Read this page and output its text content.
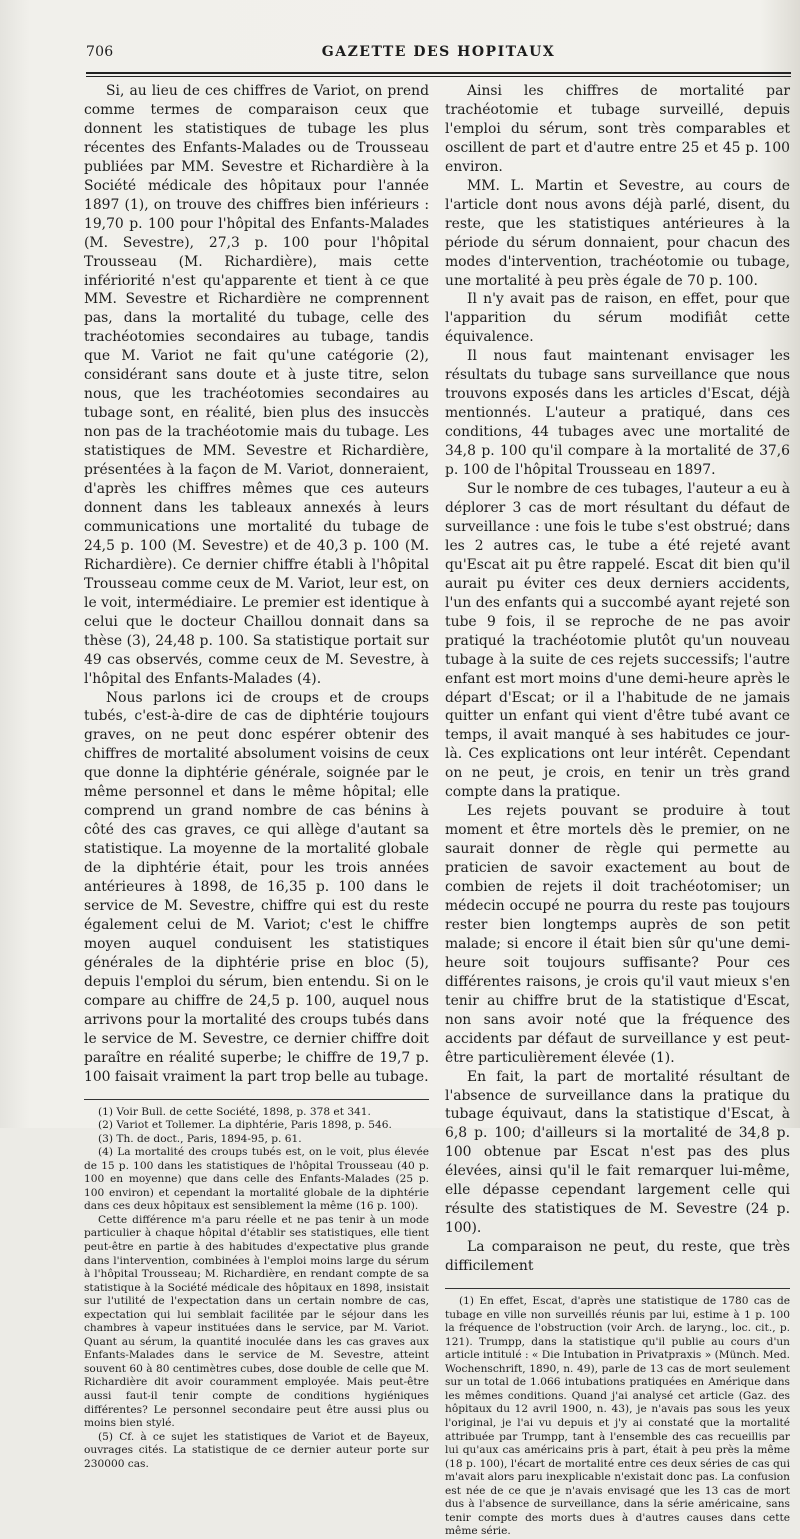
706	GAZETTE DES HOPITAUX

Si, au lieu de ces chiffres de Variot, on prend comme termes de comparaison ceux que donnent les statistiques de tubage les plus récentes des Enfants-Malades ou de Trousseau publiées par MM. Sevestre et Richardière à la Société médicale des hôpitaux pour l'année 1897 (1), on trouve des chiffres bien inférieurs : 19,70 p. 100 pour l'hôpital des Enfants-Malades (M. Sevestre), 27,3 p. 100 pour l'hôpital Trousseau (M. Richardière), mais cette infériorité n'est qu'apparente et tient à ce que MM. Sevestre et Richardière ne comprennent pas, dans la mortalité du tubage, celle des trachéotomies secondaires au tubage, tandis que M. Variot ne fait qu'une catégorie (2), considérant sans doute et à juste titre, selon nous, que les trachéotomies secondaires au tubage sont, en réalité, bien plus des insuccès non pas de la trachéotomie mais du tubage. Les statistiques de MM. Sevestre et Richardière, présentées à la façon de M. Variot, donneraient, d'après les chiffres mêmes que ces auteurs donnent dans les tableaux annexés à leurs communications une mortalité du tubage de 24,5 p. 100 (M. Sevestre) et de 40,3 p. 100 (M. Richardière). Ce dernier chiffre établi à l'hôpital Trousseau comme ceux de M. Variot, leur est, on le voit, intermédiaire. Le premier est identique à celui que le docteur Chaillou donnait dans sa thèse (3), 24,48 p. 100. Sa statistique portait sur 49 cas observés, comme ceux de M. Sevestre, à l'hôpital des Enfants-Malades (4).

Nous parlons ici de croups et de croups tubés, c'est-à-dire de cas de diphtérie toujours graves, on ne peut donc espérer obtenir des chiffres de mortalité absolument voisins de ceux que donne la diphtérie générale, soignée par le même personnel et dans le même hôpital; elle comprend un grand nombre de cas bénins à côté des cas graves, ce qui allège d'autant sa statistique. La moyenne de la mortalité globale de la diphtérie était, pour les trois années antérieures à 1898, de 16,35 p. 100 dans le service de M. Sevestre, chiffre qui est du reste également celui de M. Variot; c'est le chiffre moyen auquel conduisent les statistiques générales de la diphtérie prise en bloc (5), depuis l'emploi du sérum, bien entendu. Si on le compare au chiffre de 24,5 p. 100, auquel nous arrivons pour la mortalité des croups tubés dans le service de M. Sevestre, ce dernier chiffre doit paraître en réalité superbe; le chiffre de 19,7 p. 100 faisait vraiment la part trop belle au tubage.

(1) Voir Bull. de cette Société, 1898, p. 378 et 341.

(2) Variot et Tollemer. La diphtérie, Paris 1898, p. 546.

(3) Th. de doct., Paris, 1894-95, p. 61.

(4) La mortalité des croups tubés est, on le voit, plus élevée de 15 p. 100 dans les statistiques de l'hôpital Trousseau (40 p. 100 en moyenne) que dans celle des Enfants-Malades (25 p. 100 environ) et cependant la mortalité globale de la diphtérie dans ces deux hôpitaux est sensiblement la même (16 p. 100).

Cette différence m'a paru réelle et ne pas tenir à un mode particulier à chaque hôpital d'établir ses statistiques, elle tient peut-être en partie à des habitudes d'expectative plus grande dans l'intervention, combinées à l'emploi moins large du sérum à l'hôpital Trousseau; M. Richardière, en rendant compte de sa statistique à la Société médicale des hôpitaux en 1898, insistait sur l'utilité de l'expectation dans un certain nombre de cas, expectation qui lui semblait facilitée par le séjour dans les chambres à vapeur instituées dans le service, par M. Variot. Quant au sérum, la quantité inoculée dans les cas graves aux Enfants-Malades dans le service de M. Sevestre, atteint souvent 60 à 80 centimètres cubes, dose double de celle que M. Richardière dit avoir couramment employée. Mais peut-être aussi faut-il tenir compte de conditions hygiéniques différentes? Le personnel secondaire peut être aussi plus ou moins bien stylé.

(5) Cf. à ce sujet les statistiques de Variot et de Bayeux, ouvrages cités. La statistique de ce dernier auteur porte sur 230000 cas.

Ainsi les chiffres de mortalité par trachéotomie et tubage surveillé, depuis l'emploi du sérum, sont très comparables et oscillent de part et d'autre entre 25 et 45 p. 100 environ.

MM. L. Martin et Sevestre, au cours de l'article dont nous avons déjà parlé, disent, du reste, que les statistiques antérieures à la période du sérum donnaient, pour chacun des modes d'intervention, trachéotomie ou tubage, une mortalité à peu près égale de 70 p. 100.

Il n'y avait pas de raison, en effet, pour que l'apparition du sérum modifiât cette équivalence.

Il nous faut maintenant envisager les résultats du tubage sans surveillance que nous trouvons exposés dans les articles d'Escat, déjà mentionnés. L'auteur a pratiqué, dans ces conditions, 44 tubages avec une mortalité de 34,8 p. 100 qu'il compare à la mortalité de 37,6 p. 100 de l'hôpital Trousseau en 1897.

Sur le nombre de ces tubages, l'auteur a eu à déplorer 3 cas de mort résultant du défaut de surveillance : une fois le tube s'est obstrué; dans les 2 autres cas, le tube a été rejeté avant qu'Escat ait pu être rappelé. Escat dit bien qu'il aurait pu éviter ces deux derniers accidents, l'un des enfants qui a succombé ayant rejeté son tube 9 fois, il se reproche de ne pas avoir pratiqué la trachéotomie plutôt qu'un nouveau tubage à la suite de ces rejets successifs; l'autre enfant est mort moins d'une demi-heure après le départ d'Escat; or il a l'habitude de ne jamais quitter un enfant qui vient d'être tubé avant ce temps, il avait manqué à ses habitudes ce jour-là. Ces explications ont leur intérêt. Cependant on ne peut, je crois, en tenir un très grand compte dans la pratique.

Les rejets pouvant se produire à tout moment et être mortels dès le premier, on ne saurait donner de règle qui permette au praticien de savoir exactement au bout de combien de rejets il doit trachéotomiser; un médecin occupé ne pourra du reste pas toujours rester bien longtemps auprès de son petit malade; si encore il était bien sûr qu'une demi-heure soit toujours suffisante? Pour ces différentes raisons, je crois qu'il vaut mieux s'en tenir au chiffre brut de la statistique d'Escat, non sans avoir noté que la fréquence des accidents par défaut de surveillance y est peut-être particulièrement élevée (1).

En fait, la part de mortalité résultant de l'absence de surveillance dans la pratique du tubage équivaut, dans la statistique d'Escat, à 6,8 p. 100; d'ailleurs si la mortalité de 34,8 p. 100 obtenue par Escat n'est pas des plus élevées, ainsi qu'il le fait remarquer lui-même, elle dépasse cependant largement celle qui résulte des statistiques de M. Sevestre (24 p. 100).

La comparaison ne peut, du reste, que très difficilement

(1) En effet, Escat, d'après une statistique de 1780 cas de tubage en ville non surveillés réunis par lui, estime à 1 p. 100 la fréquence de l'obstruction (voir Arch. de laryng., loc. cit., p. 121). Trumpp, dans la statistique qu'il publie au cours d'un article intitulé : « Die Intubation in Privatpraxis » (Münch. Med. Wochenschrift, 1890, n. 49), parle de 13 cas de mort seulement sur un total de 1.066 intubations pratiquées en Amérique dans les mêmes conditions. Quand j'ai analysé cet article (Gaz. des hôpitaux du 12 avril 1900, n. 43), je n'avais pas sous les yeux l'original, je l'ai vu depuis et j'y ai constaté que la mortalité attribuée par Trumpp, tant à l'ensemble des cas recueillis par lui qu'aux cas américains pris à part, était à peu près la même (18 p. 100), l'écart de mortalité entre ces deux séries de cas qui m'avait alors paru inexplicable n'existait donc pas. La confusion est née de ce que je n'avais envisagé que les 13 cas de mort dus à l'absence de surveillance, dans la série américaine, sans tenir compte des morts dues à d'autres causes dans cette même série.
